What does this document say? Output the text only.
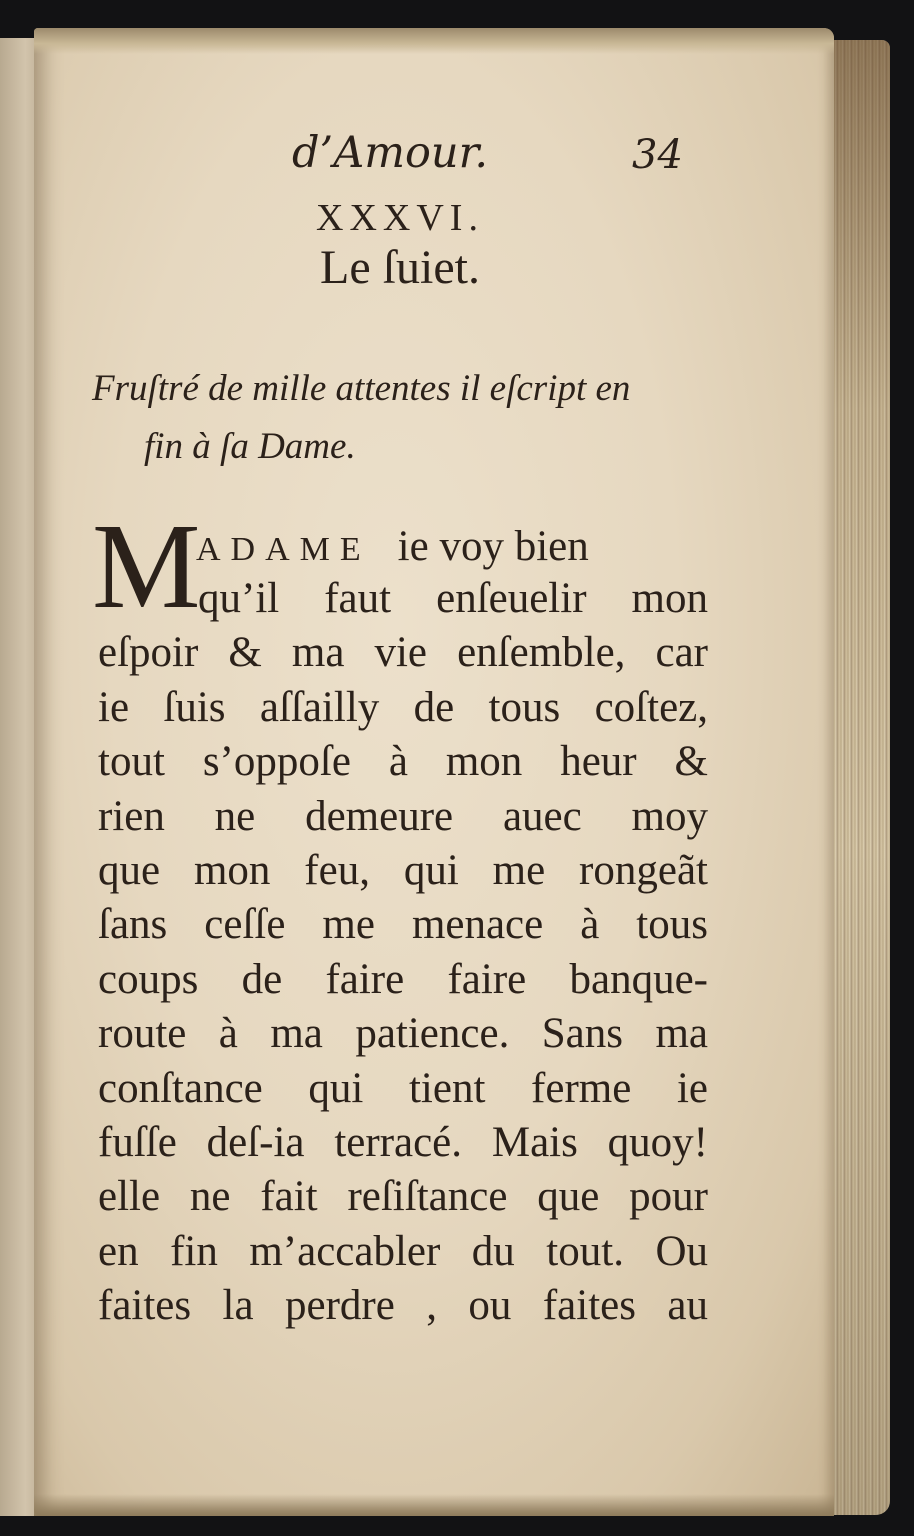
d’Amour.	34
XXXVI.
Le ſuiet.
Fruſtré de mille attentes il eſcript en
fin à ſa Dame.
M
ADAME ie voy bien
qu’il faut enſeuelir mon
eſpoir & ma vie enſemble, car
ie ſuis aſſailly de tous coſtez,
tout s’oppoſe à mon heur &
rien ne demeure auec moy
que mon feu, qui me rongeãt
ſans ceſſe me menace à tous
coups de faire faire banque-
route à ma patience. Sans ma
conſtance qui tient ferme ie
fuſſe deſ-ia terracé. Mais quoy!
elle ne fait reſiſtance que pour
en fin m’accabler du tout. Ou
faites la perdre , ou faites au
